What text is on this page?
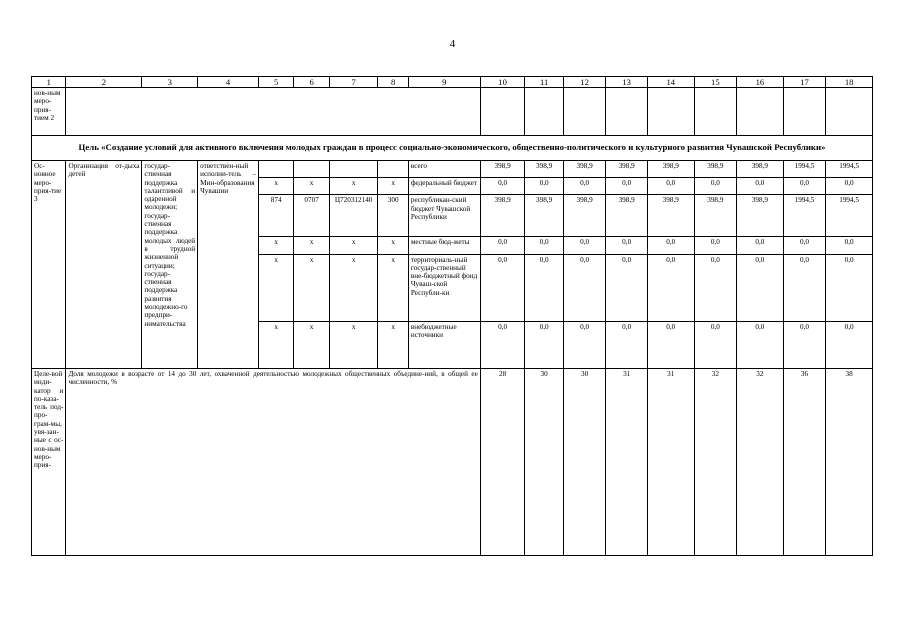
4
1	2	3	4	5	6	7	8	9	10	11	12	13	14	15	16	17	18
нов-ным меро-прия-тием 2																	
Цель «Создание условий для активного включения молодых граждан в процесс социально-экономического, общественно-политического и культурного развития Чувашской Республики»																	
Ос-новное меро-прия-тие 3	Организация от-дыха детей	государ-ственная поддержка талантливой и одаренной молодежи; государ-ственная поддержка молодых людей в трудной жизненной ситуации; государ-ственная поддержка развития молодежно-го предпри-нимательства	ответствен-ный исполни-тель – Мин-образования Чувашии					всего	398,9	398,9	398,9	398,9	398,9	398,9	398,9	1994,5	1994,5
				x	x	x	x	федеральный бюджет	0,0	0,0	0,0	0,0	0,0	0,0	0,0	0,0	0,0
				874	0707	Ц720312140	300	республикан-ский бюджет Чувашской Республики	398,9	398,9	398,9	398,9	398,9	398,9	398,9	1994,5	1994,5
				x	x	x	x	местные бюд-жеты	0,0	0,0	0,0	0,0	0,0	0,0	0,0	0,0	0,0
				x	x	x	x	территориаль-ный государ-ственный вне-бюджетный фонд Чуваш-ской Республи-ки	0,0	0,0	0,0	0,0	0,0	0,0	0,0	0,0	0,0
				x	x	x	x	внебюджетные источники	0,0	0,0	0,0	0,0	0,0	0,0	0,0	0,0	0,0
Целе-вой инди-катор и по-каза-тель под-про-грам-мы, увя-зан-ные с ос-нов-ным меро-прия-	Доля молодежи в возрасте от 14 до 30 лет, охваченной деятельностью молодежных общественных объедине-ний, в общей ее численности, %								28	30	30	31	31	32	32	36	38
